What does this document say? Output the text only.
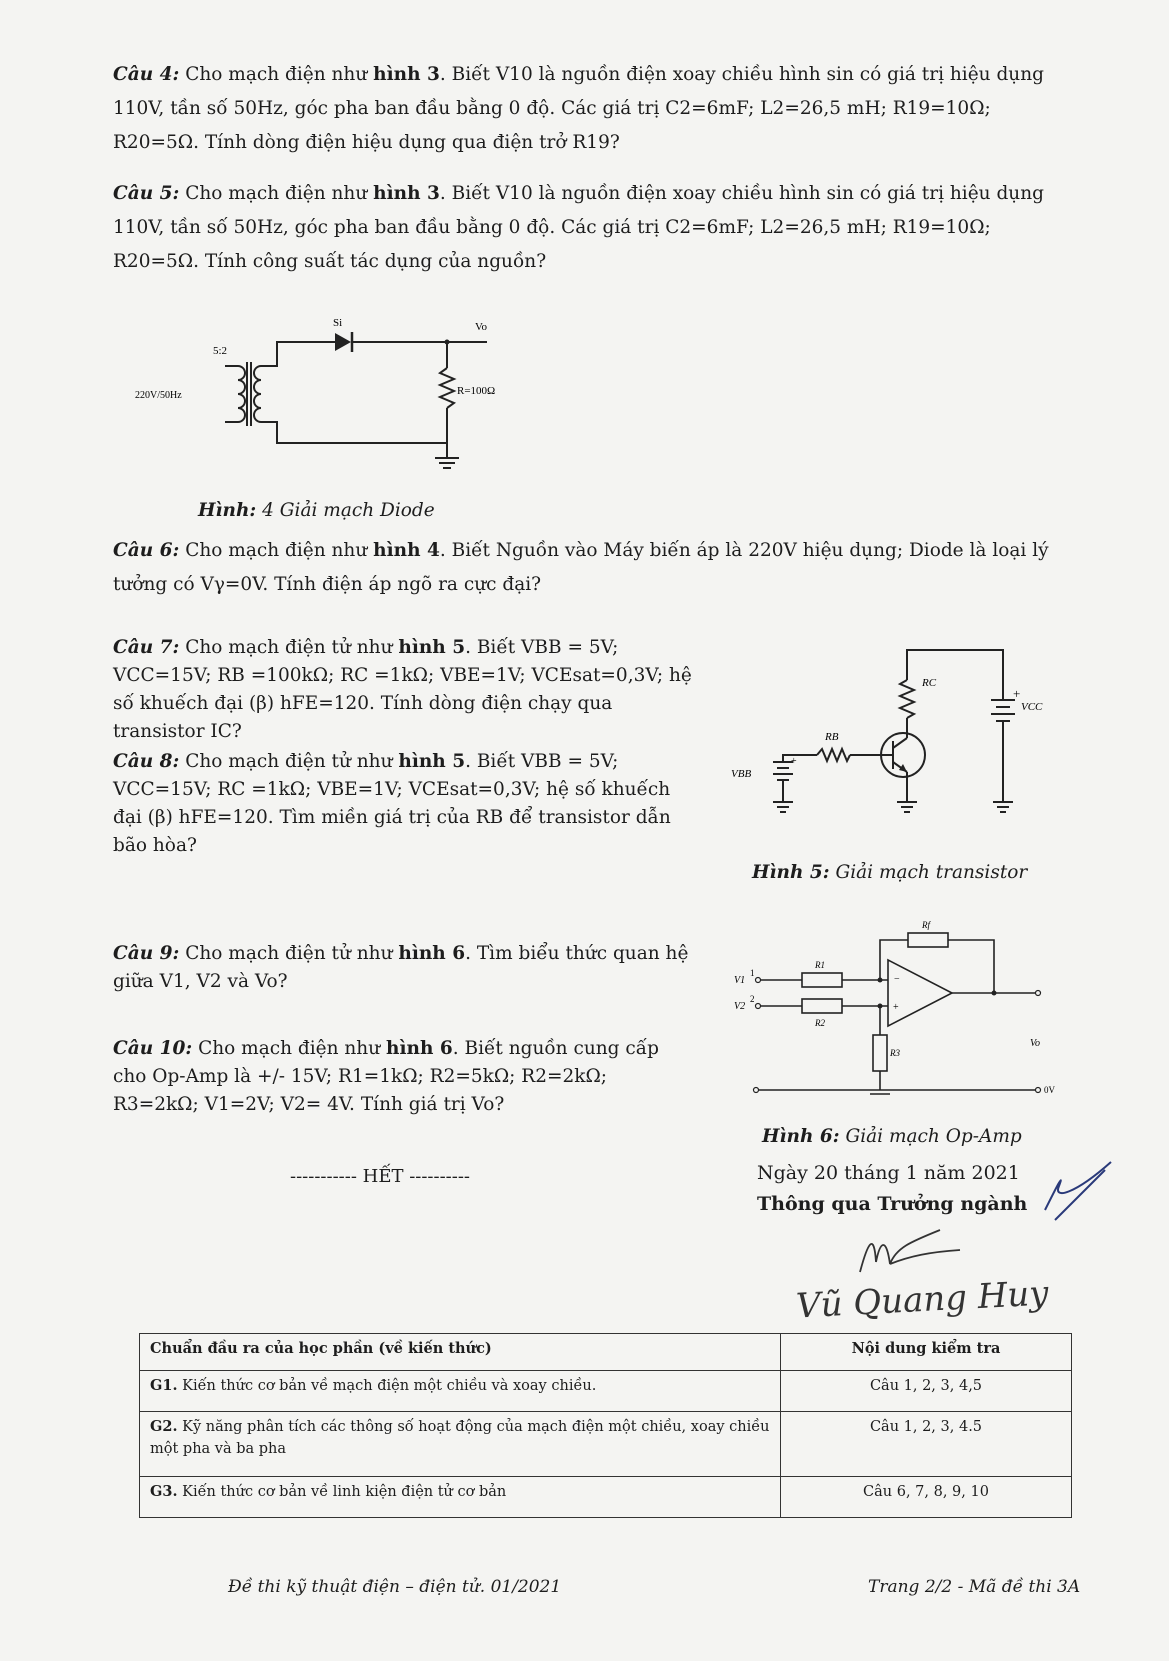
Câu 4: Cho mạch điện như hình 3. Biết V10 là nguồn điện xoay chiều hình sin có giá trị hiệu dụng 110V, tần số 50Hz, góc pha ban đầu bằng 0 độ. Các giá trị C2=6mF; L2=26,5 mH; R19=10Ω; R20=5Ω. Tính dòng điện hiệu dụng qua điện trở R19?
Câu 5: Cho mạch điện như hình 3. Biết V10 là nguồn điện xoay chiều hình sin có giá trị hiệu dụng 110V, tần số 50Hz, góc pha ban đầu bằng 0 độ. Các giá trị C2=6mF; L2=26,5 mH; R19=10Ω; R20=5Ω. Tính công suất tác dụng của nguồn?
Si	Vo
5:2
220V/50Hz	R=100Ω
Hình: 4 Giải mạch Diode
Câu 6: Cho mạch điện như hình 4. Biết Nguồn vào Máy biến áp là 220V hiệu dụng; Diode là loại lý tưởng có Vγ=0V. Tính điện áp ngõ ra cực đại?
Câu 7: Cho mạch điện tử như hình 5. Biết VBB = 5V; VCC=15V; RB =100kΩ; RC =1kΩ; VBE=1V; VCEsat=0,3V; hệ số khuếch đại (β) hFE=120. Tính dòng điện chạy qua transistor IC?
Câu 8: Cho mạch điện tử như hình 5. Biết VBB = 5V; VCC=15V; RC =1kΩ; VBE=1V; VCEsat=0,3V; hệ số khuếch đại (β) hFE=120. Tìm miền giá trị của RB để transistor dẫn bão hòa?
RC
RB
VCC
+
VBB
+
Hình 5: Giải mạch transistor
Câu 9: Cho mạch điện tử như hình 6. Tìm biểu thức quan hệ giữa V1, V2 và Vo?
Câu 10: Cho mạch điện như hình 6. Biết nguồn cung cấp cho Op-Amp là +/- 15V; R1=1kΩ; R2=5kΩ; R2=2kΩ; R3=2kΩ; V1=2V; V2= 4V. Tính giá trị Vo?
−
+
V1
V2
1
2
R1
R2
Rf
R3
Vo
0V
Hình 6: Giải mạch Op-Amp
----------- HẾT ----------	Ngày 20 tháng 1 năm 2021
Thông qua Trưởng ngành
Vũ Quang Huy
Chuẩn đầu ra của học phần (về kiến thức)	Nội dung kiểm tra
G1. Kiến thức cơ bản về mạch điện một chiều và xoay chiều.	Câu 1, 2, 3, 4,5
G2. Kỹ năng phân tích các thông số hoạt động của mạch điện một chiều, xoay chiều một pha và ba pha	Câu 1, 2, 3, 4.5
G3. Kiến thức cơ bản về linh kiện điện tử cơ bản	Câu 6, 7, 8, 9, 10
Đề thi kỹ thuật điện – điện tử. 01/2021	Trang 2/2 - Mã đề thi 3A
